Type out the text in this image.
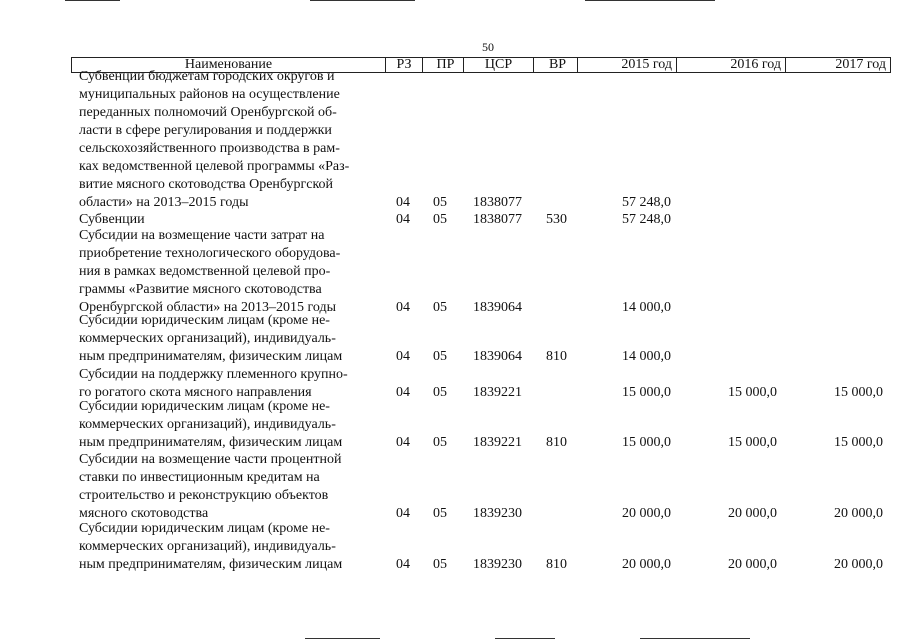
50
Наименование	РЗ	ПР	ЦСР	ВР	2015 год	2016 год	2017 год
Субвенции бюджетам городских округов и
муниципальных районов на осуществление
переданных полномочий Оренбургской об-
ласти в сфере регулирования и поддержки
сельскохозяйственного производства в рам-
ках ведомственной целевой программы «Раз-
витие мясного скотоводства Оренбургской
области» на 2013–2015 годы	04 05 1838077	57 248,0
Субвенции	04 05 1838077 530	57 248,0
Субсидии на возмещение части затрат на
приобретение технологического оборудова-
ния в рамках ведомственной целевой про-
граммы «Развитие мясного скотоводства
Оренбургской области» на 2013–2015 годы	04 05 1839064	14 000,0
Субсидии юридическим лицам (кроме не-
коммерческих организаций), индивидуаль-
ным предпринимателям, физическим лицам	04 05 1839064 810	14 000,0
Субсидии на поддержку племенного крупно-
го рогатого скота мясного направления	04 05 1839221	15 000,0	15 000,0	15 000,0
Субсидии юридическим лицам (кроме не-
коммерческих организаций), индивидуаль-
ным предпринимателям, физическим лицам	04 05 1839221 810	15 000,0	15 000,0	15 000,0
Субсидии на возмещение части процентной
ставки по инвестиционным кредитам на
строительство и реконструкцию объектов
мясного скотоводства	04 05 1839230	20 000,0	20 000,0	20 000,0
Субсидии юридическим лицам (кроме не-
коммерческих организаций), индивидуаль-
ным предпринимателям, физическим лицам	04 05 1839230 810	20 000,0	20 000,0	20 000,0
